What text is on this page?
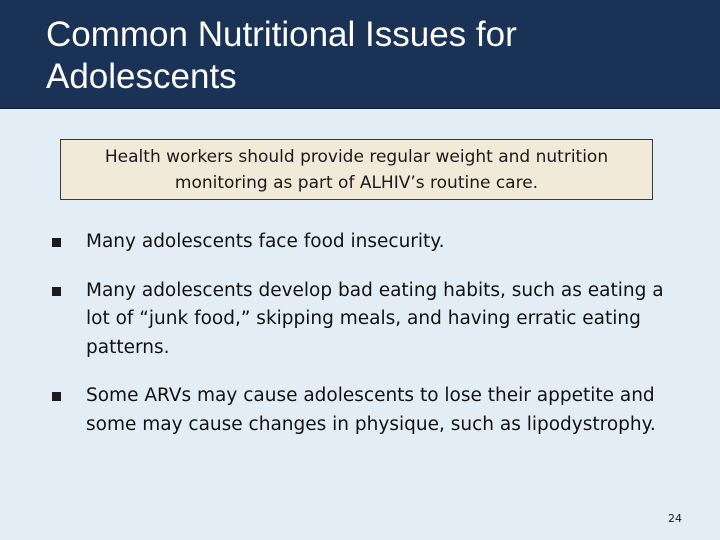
Common Nutritional Issues for Adolescents
Health workers should provide regular weight and nutrition monitoring as part of ALHIV’s routine care.
Many adolescents face food insecurity.
Many adolescents develop bad eating habits, such as eating a lot of “junk food,” skipping meals, and having erratic eating patterns.
Some ARVs may cause adolescents to lose their appetite and some may cause changes in physique, such as lipodystrophy.
24
